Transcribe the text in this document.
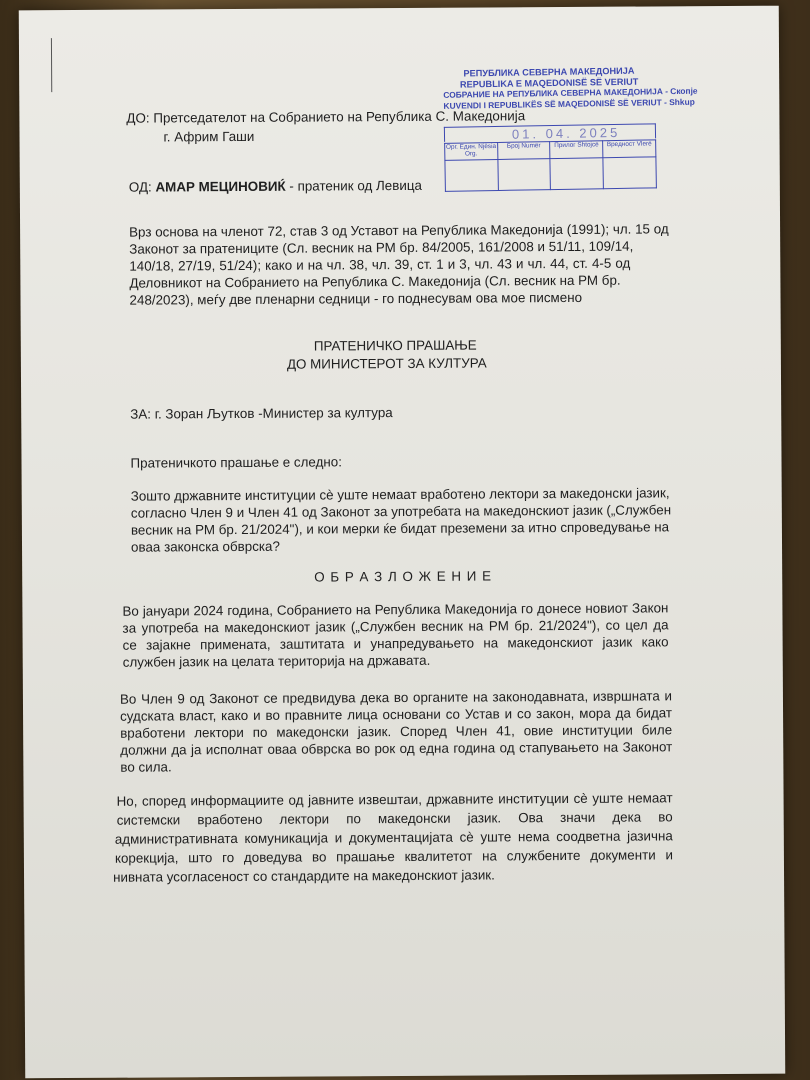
РЕПУБЛИКА СЕВЕРНА МАКЕДОНИЈА
REPUBLIKA E MAQEDONISË SË VERIUT
СОБРАНИЕ НА РЕПУБЛИКА СЕВЕРНА МАКЕДОНИЈА - Скопје
KUVENDI I REPUBLIKËS SË MAQEDONISË SË VERIUT - Shkup
01. 04. 2025
Орг. Един. Njësia Org.	Број Numër	Прилог Shtojcë	Вредност Vlerë

ДО: Претседателот на Собранието на Република С. Македонија
г. Африм Гаши
ОД: АМАР МЕЦИНОВИЌ - пратеник од Левица
Врз основа на членот 72, став 3 од Уставот на Република Македонија (1991); чл. 15 од
Законот за пратениците (Сл. весник на РМ бр. 84/2005, 161/2008 и 51/11, 109/14,
140/18, 27/19, 51/24); како и на чл. 38, чл. 39, ст. 1 и 3, чл. 43 и чл. 44, ст. 4-5 од
Деловникот на Собранието на Република С. Македонија (Сл. весник на РМ бр.
248/2023), меѓу две пленарни седници - го поднесувам ова мое писмено
ПРАТЕНИЧКО ПРАШАЊЕ
ДО МИНИСТЕРОТ ЗА КУЛТУРА
ЗА: г. Зоран Љутков -Министер за култура
Пратеничкото прашање е следно:
Зошто државните институции сè уште немаат вработено лектори за македонски јазик,
согласно Член 9 и Член 41 од Законот за употребата на македонскиот јазик („Службен
весник на РМ бр. 21/2024"), и кои мерки ќе бидат преземени за итно спроведување на
оваа законска обврска?
О Б Р А З Л О Ж Е Н И Е
Во јануари 2024 година, Собранието на Република Македонија го донесе новиот Закон
за употреба на македонскиот јазик („Службен весник на РМ бр. 21/2024"), со цел да
се зајакне примената, заштитата и унапредувањето на македонскиот јазик како
службен јазик на целата територија на државата.
Во Член 9 од Законот се предвидува дека во органите на законодавната, извршната и
судската власт, како и во правните лица основани со Устав и со закон, мора да бидат
вработени лектори по македонски јазик. Според Член 41, овие институции биле
должни да ја исполнат оваа обврска во рок од една година од стапувањето на Законот
во сила.
Но, според информациите од јавните извештаи, државните институции сè уште немаат
системски вработено лектори по македонски јазик. Ова значи дека во
административната комуникација и документацијата сè уште нема соодветна јазична
корекција, што го доведува во прашање квалитетот на службените документи и
нивната усогласеност со стандардите на македонскиот јазик.
